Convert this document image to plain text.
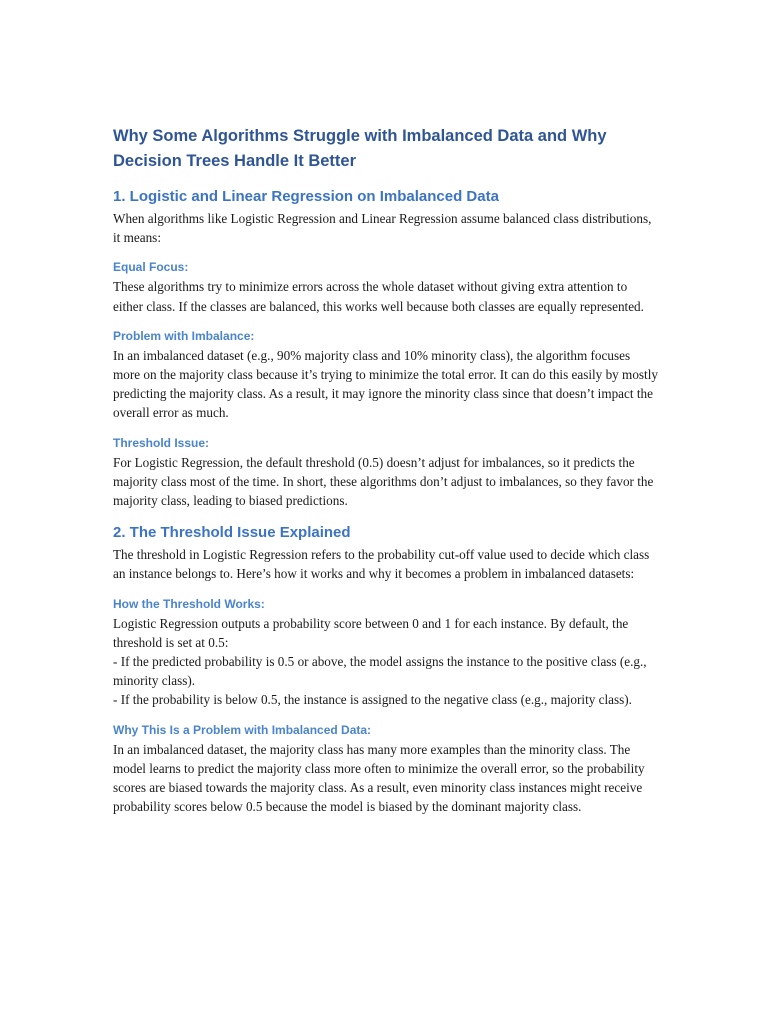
Why Some Algorithms Struggle with Imbalanced Data and Why Decision Trees Handle It Better
1. Logistic and Linear Regression on Imbalanced Data
When algorithms like Logistic Regression and Linear Regression assume balanced class distributions, it means:
Equal Focus:
These algorithms try to minimize errors across the whole dataset without giving extra attention to either class. If the classes are balanced, this works well because both classes are equally represented.
Problem with Imbalance:
In an imbalanced dataset (e.g., 90% majority class and 10% minority class), the algorithm focuses more on the majority class because it’s trying to minimize the total error. It can do this easily by mostly predicting the majority class. As a result, it may ignore the minority class since that doesn’t impact the overall error as much.
Threshold Issue:
For Logistic Regression, the default threshold (0.5) doesn’t adjust for imbalances, so it predicts the majority class most of the time. In short, these algorithms don’t adjust to imbalances, so they favor the majority class, leading to biased predictions.
2. The Threshold Issue Explained
The threshold in Logistic Regression refers to the probability cut-off value used to decide which class an instance belongs to. Here’s how it works and why it becomes a problem in imbalanced datasets:
How the Threshold Works:
Logistic Regression outputs a probability score between 0 and 1 for each instance. By default, the threshold is set at 0.5:
- If the predicted probability is 0.5 or above, the model assigns the instance to the positive class (e.g., minority class).
- If the probability is below 0.5, the instance is assigned to the negative class (e.g., majority class).
Why This Is a Problem with Imbalanced Data:
In an imbalanced dataset, the majority class has many more examples than the minority class. The model learns to predict the majority class more often to minimize the overall error, so the probability scores are biased towards the majority class. As a result, even minority class instances might receive probability scores below 0.5 because the model is biased by the dominant majority class.
